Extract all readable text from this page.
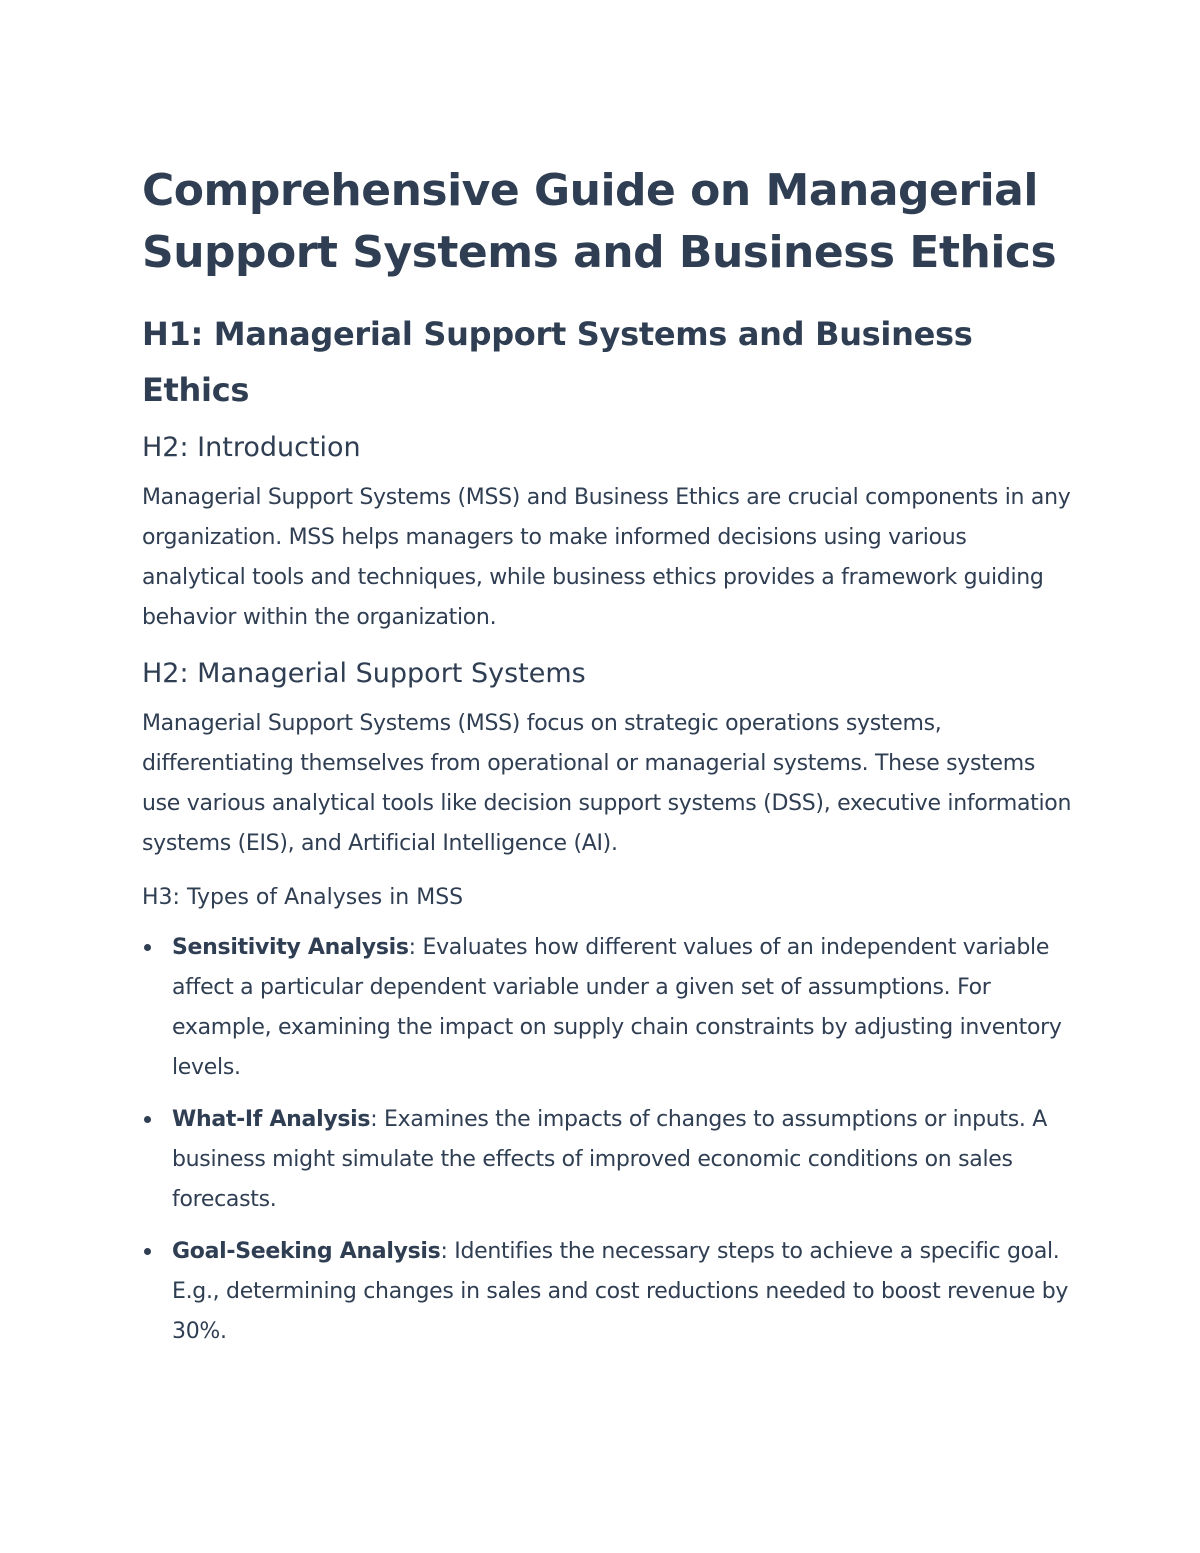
Comprehensive Guide on Managerial Support Systems and Business Ethics
H1: Managerial Support Systems and Business Ethics
H2: Introduction

Managerial Support Systems (MSS) and Business Ethics are crucial components in any organization. MSS helps managers to make informed decisions using various analytical tools and techniques, while business ethics provides a framework guiding behavior within the organization.

H2: Managerial Support Systems

Managerial Support Systems (MSS) focus on strategic operations systems, differentiating themselves from operational or managerial systems. These systems use various analytical tools like decision support systems (DSS), executive information systems (EIS), and Artificial Intelligence (AI).

H3: Types of Analyses in MSS
Sensitivity Analysis: Evaluates how different values of an independent variable affect a particular dependent variable under a given set of assumptions. For example, examining the impact on supply chain constraints by adjusting inventory levels.
What-If Analysis: Examines the impacts of changes to assumptions or inputs. A business might simulate the effects of improved economic conditions on sales forecasts.
Goal-Seeking Analysis: Identifies the necessary steps to achieve a specific goal. E.g., determining changes in sales and cost reductions needed to boost revenue by 30%.
